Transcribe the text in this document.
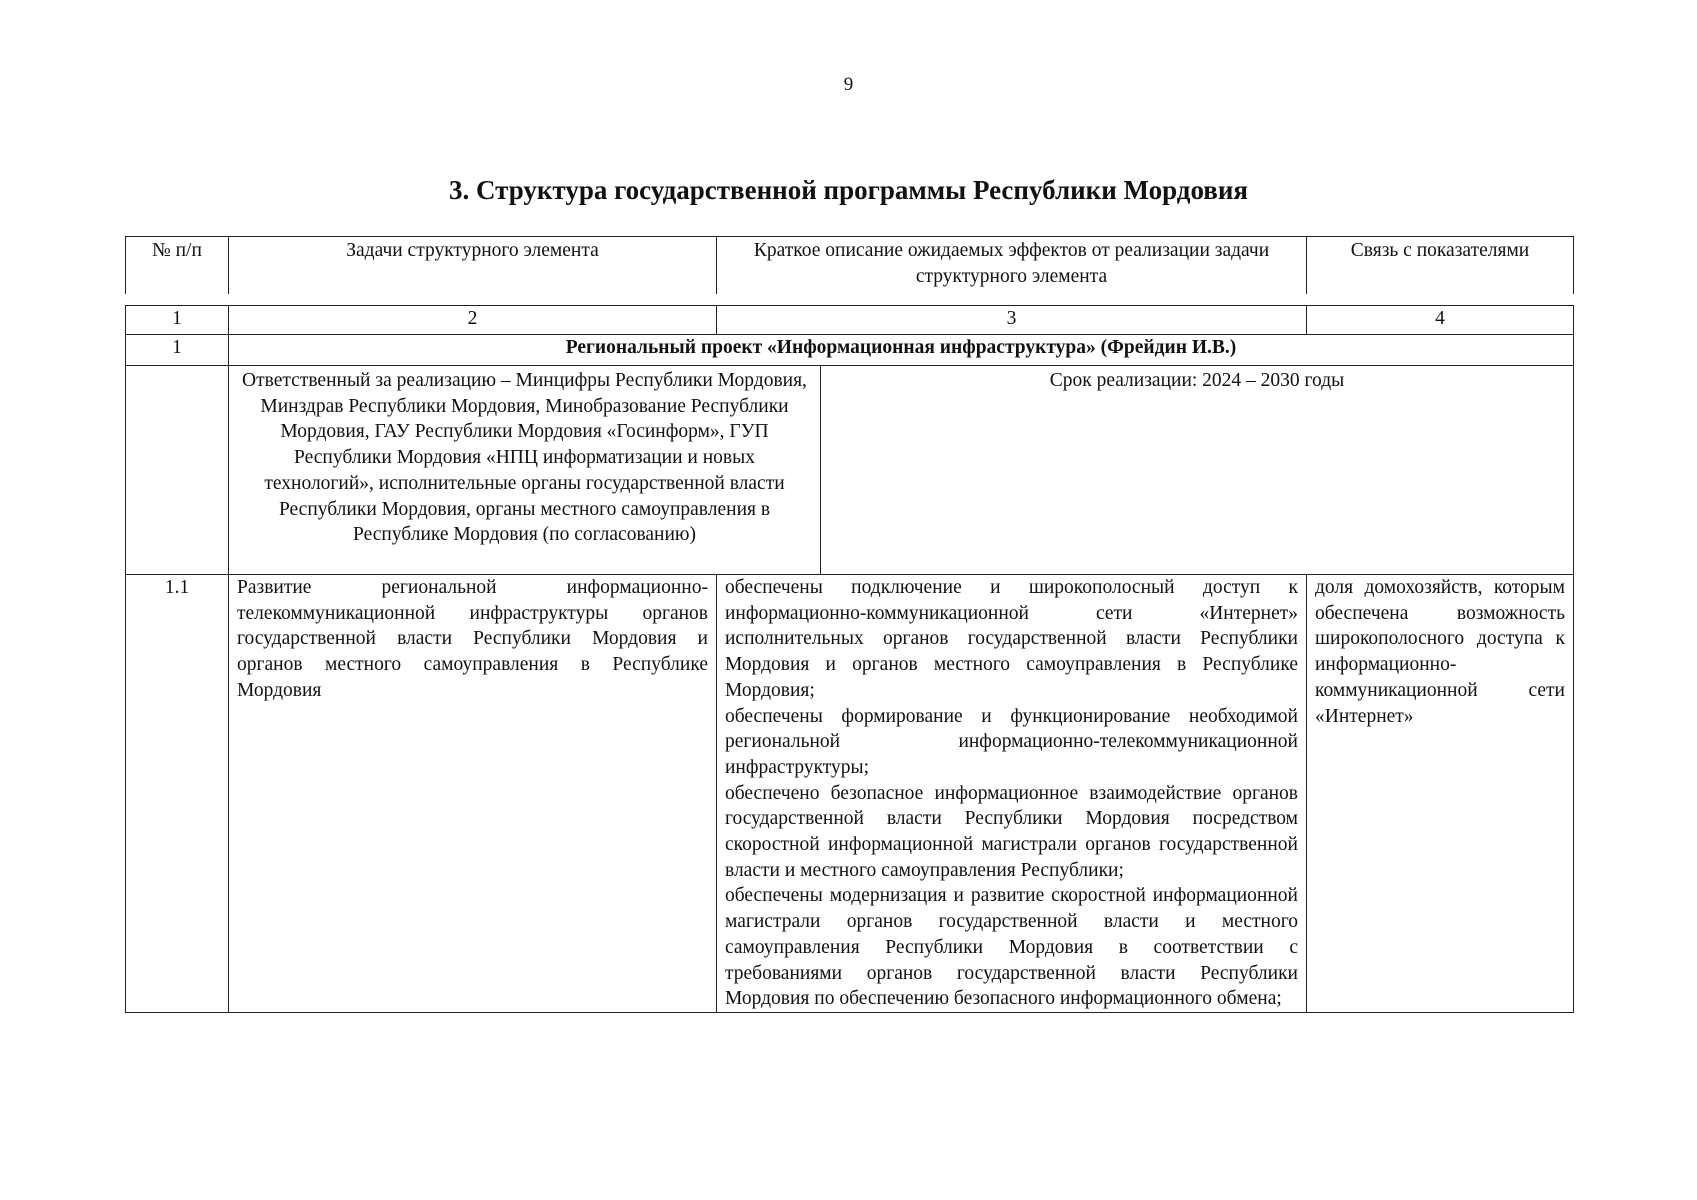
9
3. Структура государственной программы Республики Мордовия
№ п/п	Задачи структурного элемента	Краткое описание ожидаемых эффектов от реализации задачи структурного элемента	Связь с показателями
1	2	3		4
1	Региональный проект «Информационная инфраструктура» (Фрейдин И.В.)			
	Ответственный за реализацию – Минцифры Республики Мордовия, Минздрав Республики Мордовия, Минобразование Республики Мордовия, ГАУ Республики Мордовия «Госинформ», ГУП Республики Мордовия «НПЦ информатизации и новых технологий», исполнительные органы государственной власти Республики Мордовия, органы местного самоуправления в Республике Мордовия (по согласованию)		Срок реализации: 2024 – 2030 годы	
1.1	Развитие региональной информационно-телекоммуникационной инфраструктуры органов государственной власти Республики Мордовия и органов местного самоуправления в Республике Мордовия	обеспечены подключение и широкополосный доступ к информационно-коммуникационной сети «Интернет» исполнительных органов государственной власти Республики Мордовия и органов местного самоуправления в Республике Мордовия;
обеспечены формирование и функционирование необходимой региональной информационно-телекоммуникационной инфраструктуры;
обеспечено безопасное информационное взаимодействие органов государственной власти Республики Мордовия посредством скоростной информационной магистрали органов государственной власти и местного самоуправления Республики;
обеспечены модернизация и развитие скоростной информационной магистрали органов государственной власти и местного самоуправления Республики Мордовия в соответствии с требованиями органов государственной власти Республики Мордовия по обеспечению безопасного информационного обмена;		доля домохозяйств, которым обеспечена возможность широкополосного доступа к информационно-коммуникационной сети «Интернет»
